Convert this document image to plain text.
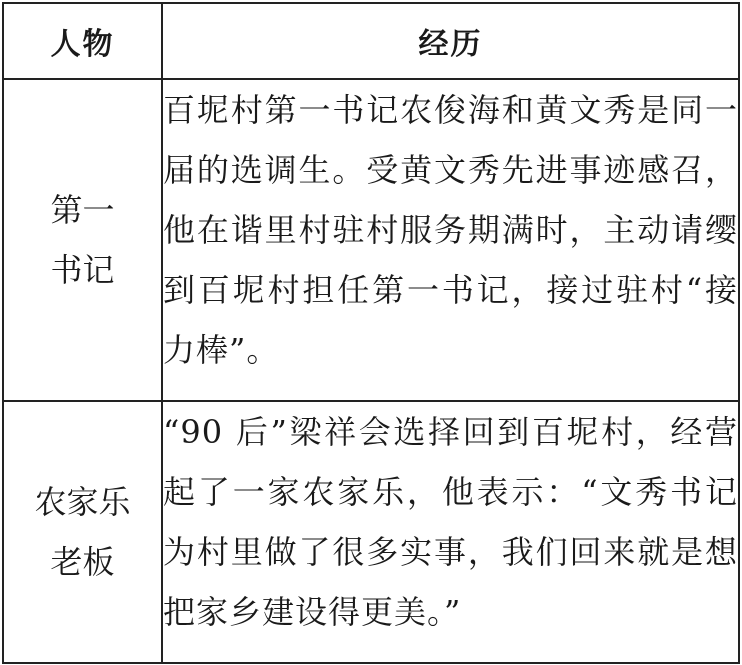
人物	经历

第一
书记	百坭村第一书记农俊海和黄文秀是同一届的选调生。受黄文秀先进事迹感召，他在谐里村驻村服务期满时，主动请缨到百坭村担任第一书记，接过驻村“接力棒”。

农家乐
老板	“90 后”梁祥会选择回到百坭村，经营起了一家农家乐，他表示：“文秀书记为村里做了很多实事，我们回来就是想把家乡建设得更美。”
